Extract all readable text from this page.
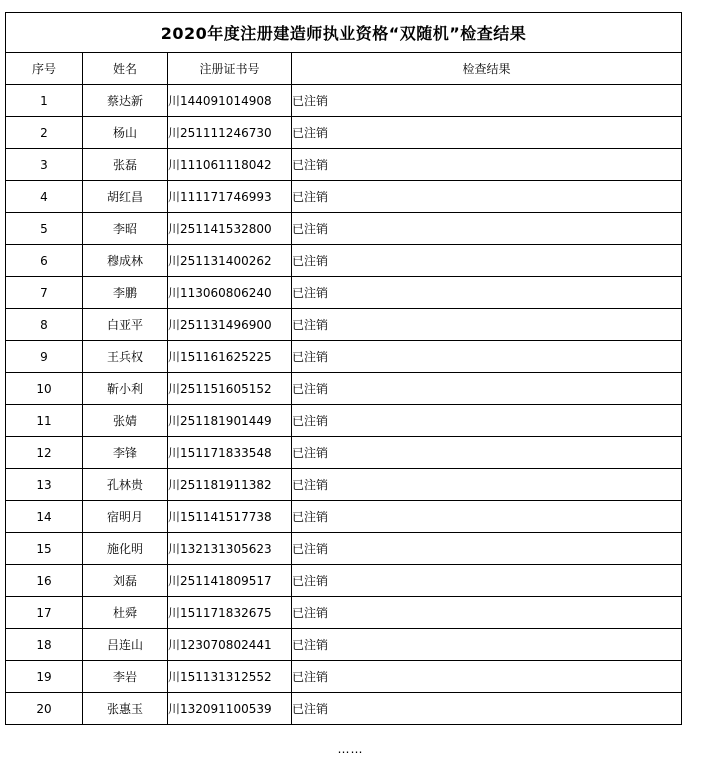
2020年度注册建造师执业资格“双随机”检查结果			
序号	姓名	注册证书号	检查结果
1	蔡达新	川144091014908	已注销
2	杨山	川251111246730	已注销
3	张磊	川111061118042	已注销
4	胡红昌	川111171746993	已注销
5	李昭	川251141532800	已注销
6	穆成林	川251131400262	已注销
7	李鹏	川113060806240	已注销
8	白亚平	川251131496900	已注销
9	王兵权	川151161625225	已注销
10	靳小利	川251151605152	已注销
11	张婧	川251181901449	已注销
12	李锋	川151171833548	已注销
13	孔林贵	川251181911382	已注销
14	宿明月	川151141517738	已注销
15	施化明	川132131305623	已注销
16	刘磊	川251141809517	已注销
17	杜舜	川151171832675	已注销
18	吕连山	川123070802441	已注销
19	李岩	川151131312552	已注销
20	张惠玉	川132091100539	已注销
……
